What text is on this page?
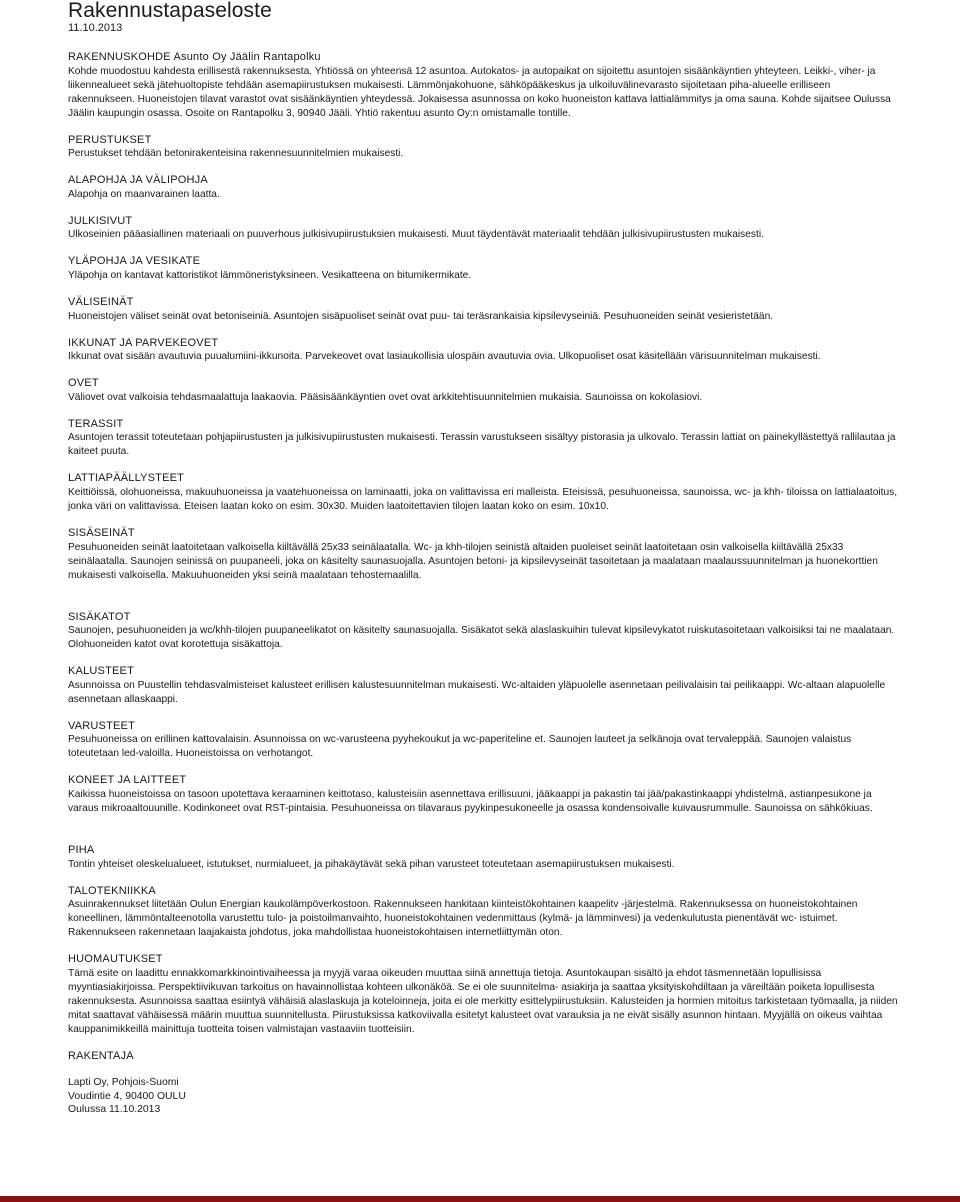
Rakennustapaseloste
11.10.2013
RAKENNUSKOHDE Asunto Oy Jäälin Rantapolku

Kohde muodostuu kahdesta erillisestä rakennuksesta. Yhtiössä on yhteensä 12 asuntoa. Autokatos- ja autopaikat on sijoitettu asuntojen sisäänkäyntien yhteyteen. Leikki-, viher- ja liikennealueet sekä jätehuoltopiste tehdään asemapiirustuksen mukaisesti. Lämmönjakohuone, sähköpääkeskus ja ulkoiluvälinevarasto sijoitetaan piha-alueelle erilliseen rakennukseen. Huoneistojen tilavat varastot ovat sisäänkäyntien yhteydessä. Jokaisessa asunnossa on koko huoneiston kattava lattialämmitys ja oma sauna. Kohde sijaitsee Oulussa Jäälin kaupungin osassa. Osoite on Rantapolku 3, 90940 Jääli. Yhtiö rakentuu asunto Oy:n omistamalle tontille.

PERUSTUKSET

Perustukset tehdään betonirakenteisina rakennesuunnitelmien mukaisesti.

ALAPOHJA JA VÄLIPOHJA

Alapohja on maanvarainen laatta.

JULKISIVUT

Ulkoseinien pääasiallinen materiaali on puuverhous julkisivupiirustuksien mukaisesti. Muut täydentävät materiaalit tehdään julkisivupiirustusten mukaisesti.

YLÄPOHJA JA VESIKATE

Yläpohja on kantavat kattoristikot lämmöneristyksineen. Vesikatteena on bitumikermikate.

VÄLISEINÄT

Huoneistojen väliset seinät ovat betoniseiniä. Asuntojen sisäpuoliset seinät ovat puu- tai teräsrankaisia kipsilevyseiniä. Pesuhuoneiden seinät vesieristetään.

IKKUNAT JA PARVEKEOVET

Ikkunat ovat sisään avautuvia puualumiini-ikkunoita. Parvekeovet ovat lasiaukollisia ulospäin avautuvia ovia. Ulkopuoliset osat käsitellään värisuunnitelman mukaisesti.

OVET

Väliovet ovat valkoisia tehdasmaalattuja laakaovia. Pääsisäänkäyntien ovet ovat arkkitehtisuunnitelmien mukaisia. Saunoissa on kokolasiovi.

TERASSIT

Asuntojen terassit toteutetaan pohjapiirustusten ja julkisivupiirustusten mukaisesti. Terassin varustukseen sisältyy pistorasia ja ulkovalo. Terassin lattiat on painekyllästettyä rallilautaa ja kaiteet puuta.

LATTIAPÄÄLLYSTEET

Keittiöissä, olohuoneissa, makuuhuoneissa ja vaatehuoneissa on laminaatti, joka on valittavissa eri malleista. Eteisissä, pesuhuoneissa, saunoissa, wc- ja khh- tiloissa on lattialaatoitus, jonka väri on valittavissa. Eteisen laatan koko on esim. 30x30. Muiden laatoitettavien tilojen laatan koko on esim. 10x10.

SISÄSEINÄT

Pesuhuoneiden seinät laatoitetaan valkoisella kiiltävällä 25x33 seinälaatalla. Wc- ja khh-tilojen seinistä altaiden puoleiset seinät laatoitetaan osin valkoisella kiiltävällä 25x33 seinälaatalla. Saunojen seinissä on puupaneeli, joka on käsitelty saunasuojalla. Asuntojen betoni- ja kipsilevyseinät tasoitetaan ja maalataan maalaussuunnitelman ja huonekorttien mukaisesti valkoisella. Makuuhuoneiden yksi seinä maalataan tehostemaalilla.

SISÄKATOT

Saunojen, pesuhuoneiden ja wc/khh-tilojen puupaneelikatot on käsitelty saunasuojalla. Sisäkatot sekä alaslaskuihin tulevat kipsilevykatot ruiskutasoitetaan valkoisiksi tai ne maalataan. Olohuoneiden katot ovat korotettuja sisäkattoja.

KALUSTEET

Asunnoissa on Puustellin tehdasvalmisteiset kalusteet erillisen kalustesuunnitelman mukaisesti. Wc-altaiden yläpuolelle asennetaan peilivalaisin tai peilikaappi. Wc-altaan alapuolelle asennetaan allaskaappi.

VARUSTEET

Pesuhuoneissa on erillinen kattovalaisin. Asunnoissa on wc-varusteena pyyhekoukut ja wc-paperiteline et. Saunojen lauteet ja selkänoja ovat tervaleppää. Saunojen valaistus toteutetaan led-valoilla. Huoneistoissa on verhotangot.

KONEET JA LAITTEET

Kaikissa huoneistoissa on tasoon upotettava keraaminen keittotaso, kalusteisiin asennettava erillisuuni, jääkaappi ja pakastin tai jää/pakastinkaappi yhdistelmä, astianpesukone ja varaus mikroaaltouunille. Kodinkoneet ovat RST-pintaisia. Pesuhuoneissa on tilavaraus pyykinpesukoneelle ja osassa kondensoivalle kuivausrummulle. Saunoissa on sähkökiuas.

PIHA

Tontin yhteiset oleskelualueet, istutukset, nurmialueet, ja pihakäytävät sekä pihan varusteet toteutetaan asemapiirustuksen mukaisesti.

TALOTEKNIIKKA

Asuinrakennukset liitetään Oulun Energian kaukolämpöverkostoon. Rakennukseen hankitaan kiinteistökohtainen kaapelitv -järjestelmä. Rakennuksessa on huoneistokohtainen koneellinen, lämmöntalteenotolla varustettu tulo- ja poistoilmanvaihto, huoneistokohtainen vedenmittaus (kylmä- ja lämminvesi) ja vedenkulutusta pienentävät wc- istuimet. Rakennukseen rakennetaan laajakaista johdotus, joka mahdollistaa huoneistokohtaisen internetliittymän oton.

HUOMAUTUKSET

Tämä esite on laadittu ennakkomarkkinointivaiheessa ja myyjä varaa oikeuden muuttaa siinä annettuja tietoja. Asuntokaupan sisältö ja ehdot täsmennetään lopullisissa myyntiasiakirjoissa. Perspektiivikuvan tarkoitus on havainnollistaa kohteen ulkonäköä. Se ei ole suunnitelma- asiakirja ja saattaa yksityiskohdiltaan ja väreiltään poiketa lopullisesta rakennuksesta. Asunnoissa saattaa esiintyä vähäisiä alaslaskuja ja koteloinneja, joita ei ole merkitty esittelypiirustuksiin. Kalusteiden ja hormien mitoitus tarkistetaan työmaalla, ja niiden mitat saattavat vähäisessä määrin muuttua suunnitellusta. Piirustuksissa katkoviivalla esitetyt kalusteet ovat varauksia ja ne eivät sisälly asunnon hintaan. Myyjällä on oikeus vaihtaa kauppanimikkeillä mainittuja tuotteita toisen valmistajan vastaaviin tuotteisiin.

RAKENTAJA
Lapti Oy, Pohjois-Suomi
Voudintie 4, 90400 OULU
Oulussa 11.10.2013
